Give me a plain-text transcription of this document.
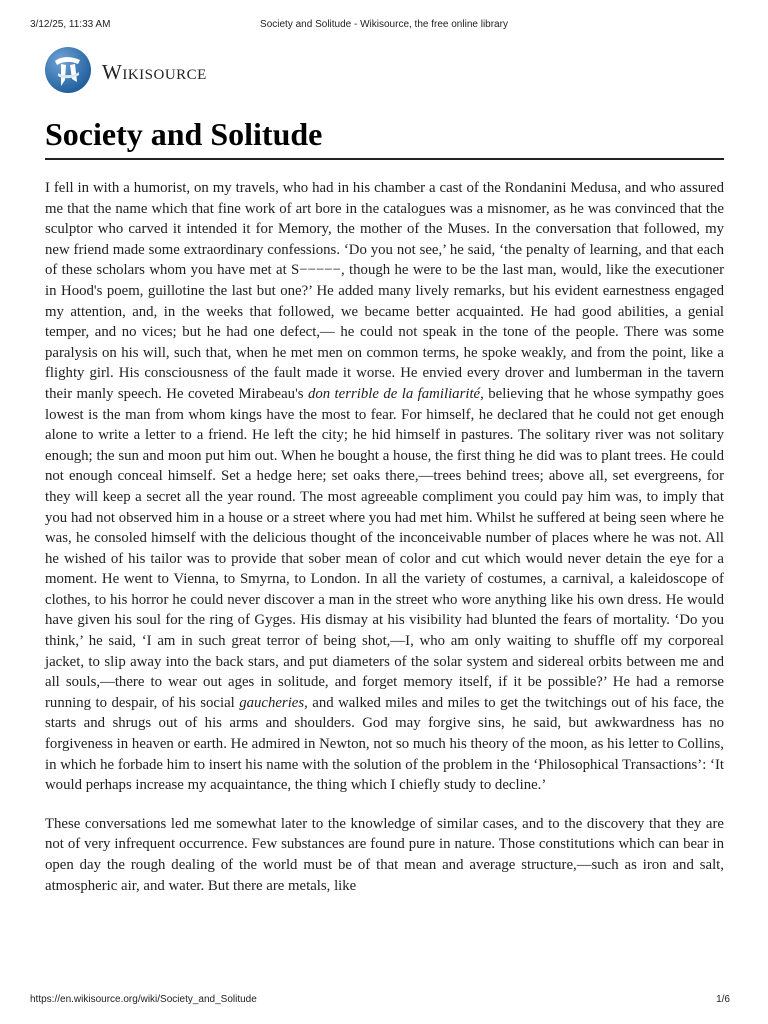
3/12/25, 11:33 AM	Society and Solitude - Wikisource, the free online library
Wikisource
Society and Solitude

I fell in with a humorist, on my travels, who had in his chamber a cast of the Rondanini Medusa, and who assured me that the name which that fine work of art bore in the catalogues was a misnomer, as he was convinced that the sculptor who carved it intended it for Memory, the mother of the Muses. In the conversation that followed, my new friend made some extraordinary confessions. ‘Do you not see,’ he said, ‘the penalty of learning, and that each of these scholars whom you have met at S−−−−−, though he were to be the last man, would, like the executioner in Hood's poem, guillotine the last but one?’ He added many lively remarks, but his evident earnestness engaged my attention, and, in the weeks that followed, we became better acquainted. He had good abilities, a genial temper, and no vices; but he had one defect,— he could not speak in the tone of the people. There was some paralysis on his will, such that, when he met men on common terms, he spoke weakly, and from the point, like a flighty girl. His consciousness of the fault made it worse. He envied every drover and lumberman in the tavern their manly speech. He coveted Mirabeau's don terrible de la familiarité, believing that he whose sympathy goes lowest is the man from whom kings have the most to fear. For himself, he declared that he could not get enough alone to write a letter to a friend. He left the city; he hid himself in pastures. The solitary river was not solitary enough; the sun and moon put him out. When he bought a house, the first thing he did was to plant trees. He could not enough conceal himself. Set a hedge here; set oaks there,—trees behind trees; above all, set evergreens, for they will keep a secret all the year round. The most agreeable compliment you could pay him was, to imply that you had not observed him in a house or a street where you had met him. Whilst he suffered at being seen where he was, he consoled himself with the delicious thought of the inconceivable number of places where he was not. All he wished of his tailor was to provide that sober mean of color and cut which would never detain the eye for a moment. He went to Vienna, to Smyrna, to London. In all the variety of costumes, a carnival, a kaleidoscope of clothes, to his horror he could never discover a man in the street who wore anything like his own dress. He would have given his soul for the ring of Gyges. His dismay at his visibility had blunted the fears of mortality. ‘Do you think,’ he said, ‘I am in such great terror of being shot,—I, who am only waiting to shuffle off my corporeal jacket, to slip away into the back stars, and put diameters of the solar system and sidereal orbits between me and all souls,—there to wear out ages in solitude, and forget memory itself, if it be possible?’ He had a remorse running to despair, of his social gaucheries, and walked miles and miles to get the twitchings out of his face, the starts and shrugs out of his arms and shoulders. God may forgive sins, he said, but awkwardness has no forgiveness in heaven or earth. He admired in Newton, not so much his theory of the moon, as his letter to Collins, in which he forbade him to insert his name with the solution of the problem in the ‘Philosophical Transactions’: ‘It would perhaps increase my acquaintance, the thing which I chiefly study to decline.’

These conversations led me somewhat later to the knowledge of similar cases, and to the discovery that they are not of very infrequent occurrence. Few substances are found pure in nature. Those constitutions which can bear in open day the rough dealing of the world must be of that mean and average structure,—such as iron and salt, atmospheric air, and water. But there are metals, like

https://en.wikisource.org/wiki/Society_and_Solitude	1/6
